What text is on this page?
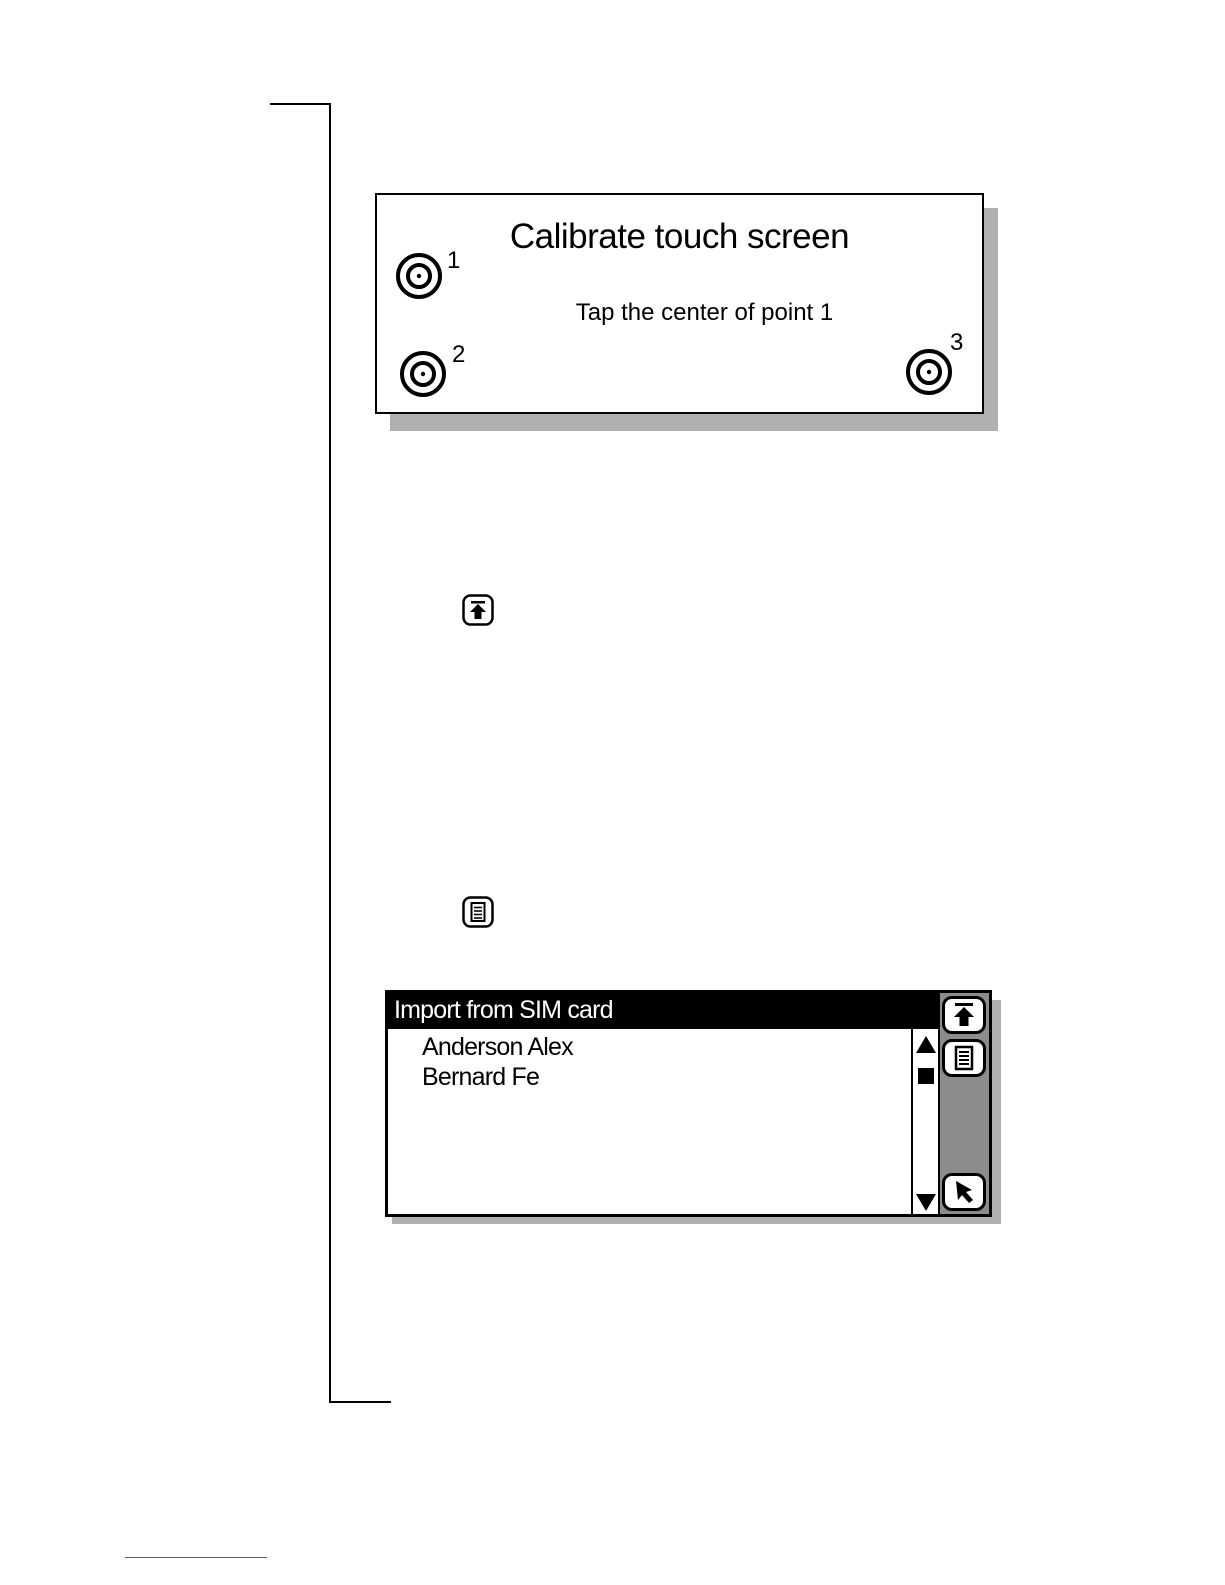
Calibrate touch screen
Tap the center of point 1
1
2	3
Import from SIM card
Anderson Alex
Bernard Fe
